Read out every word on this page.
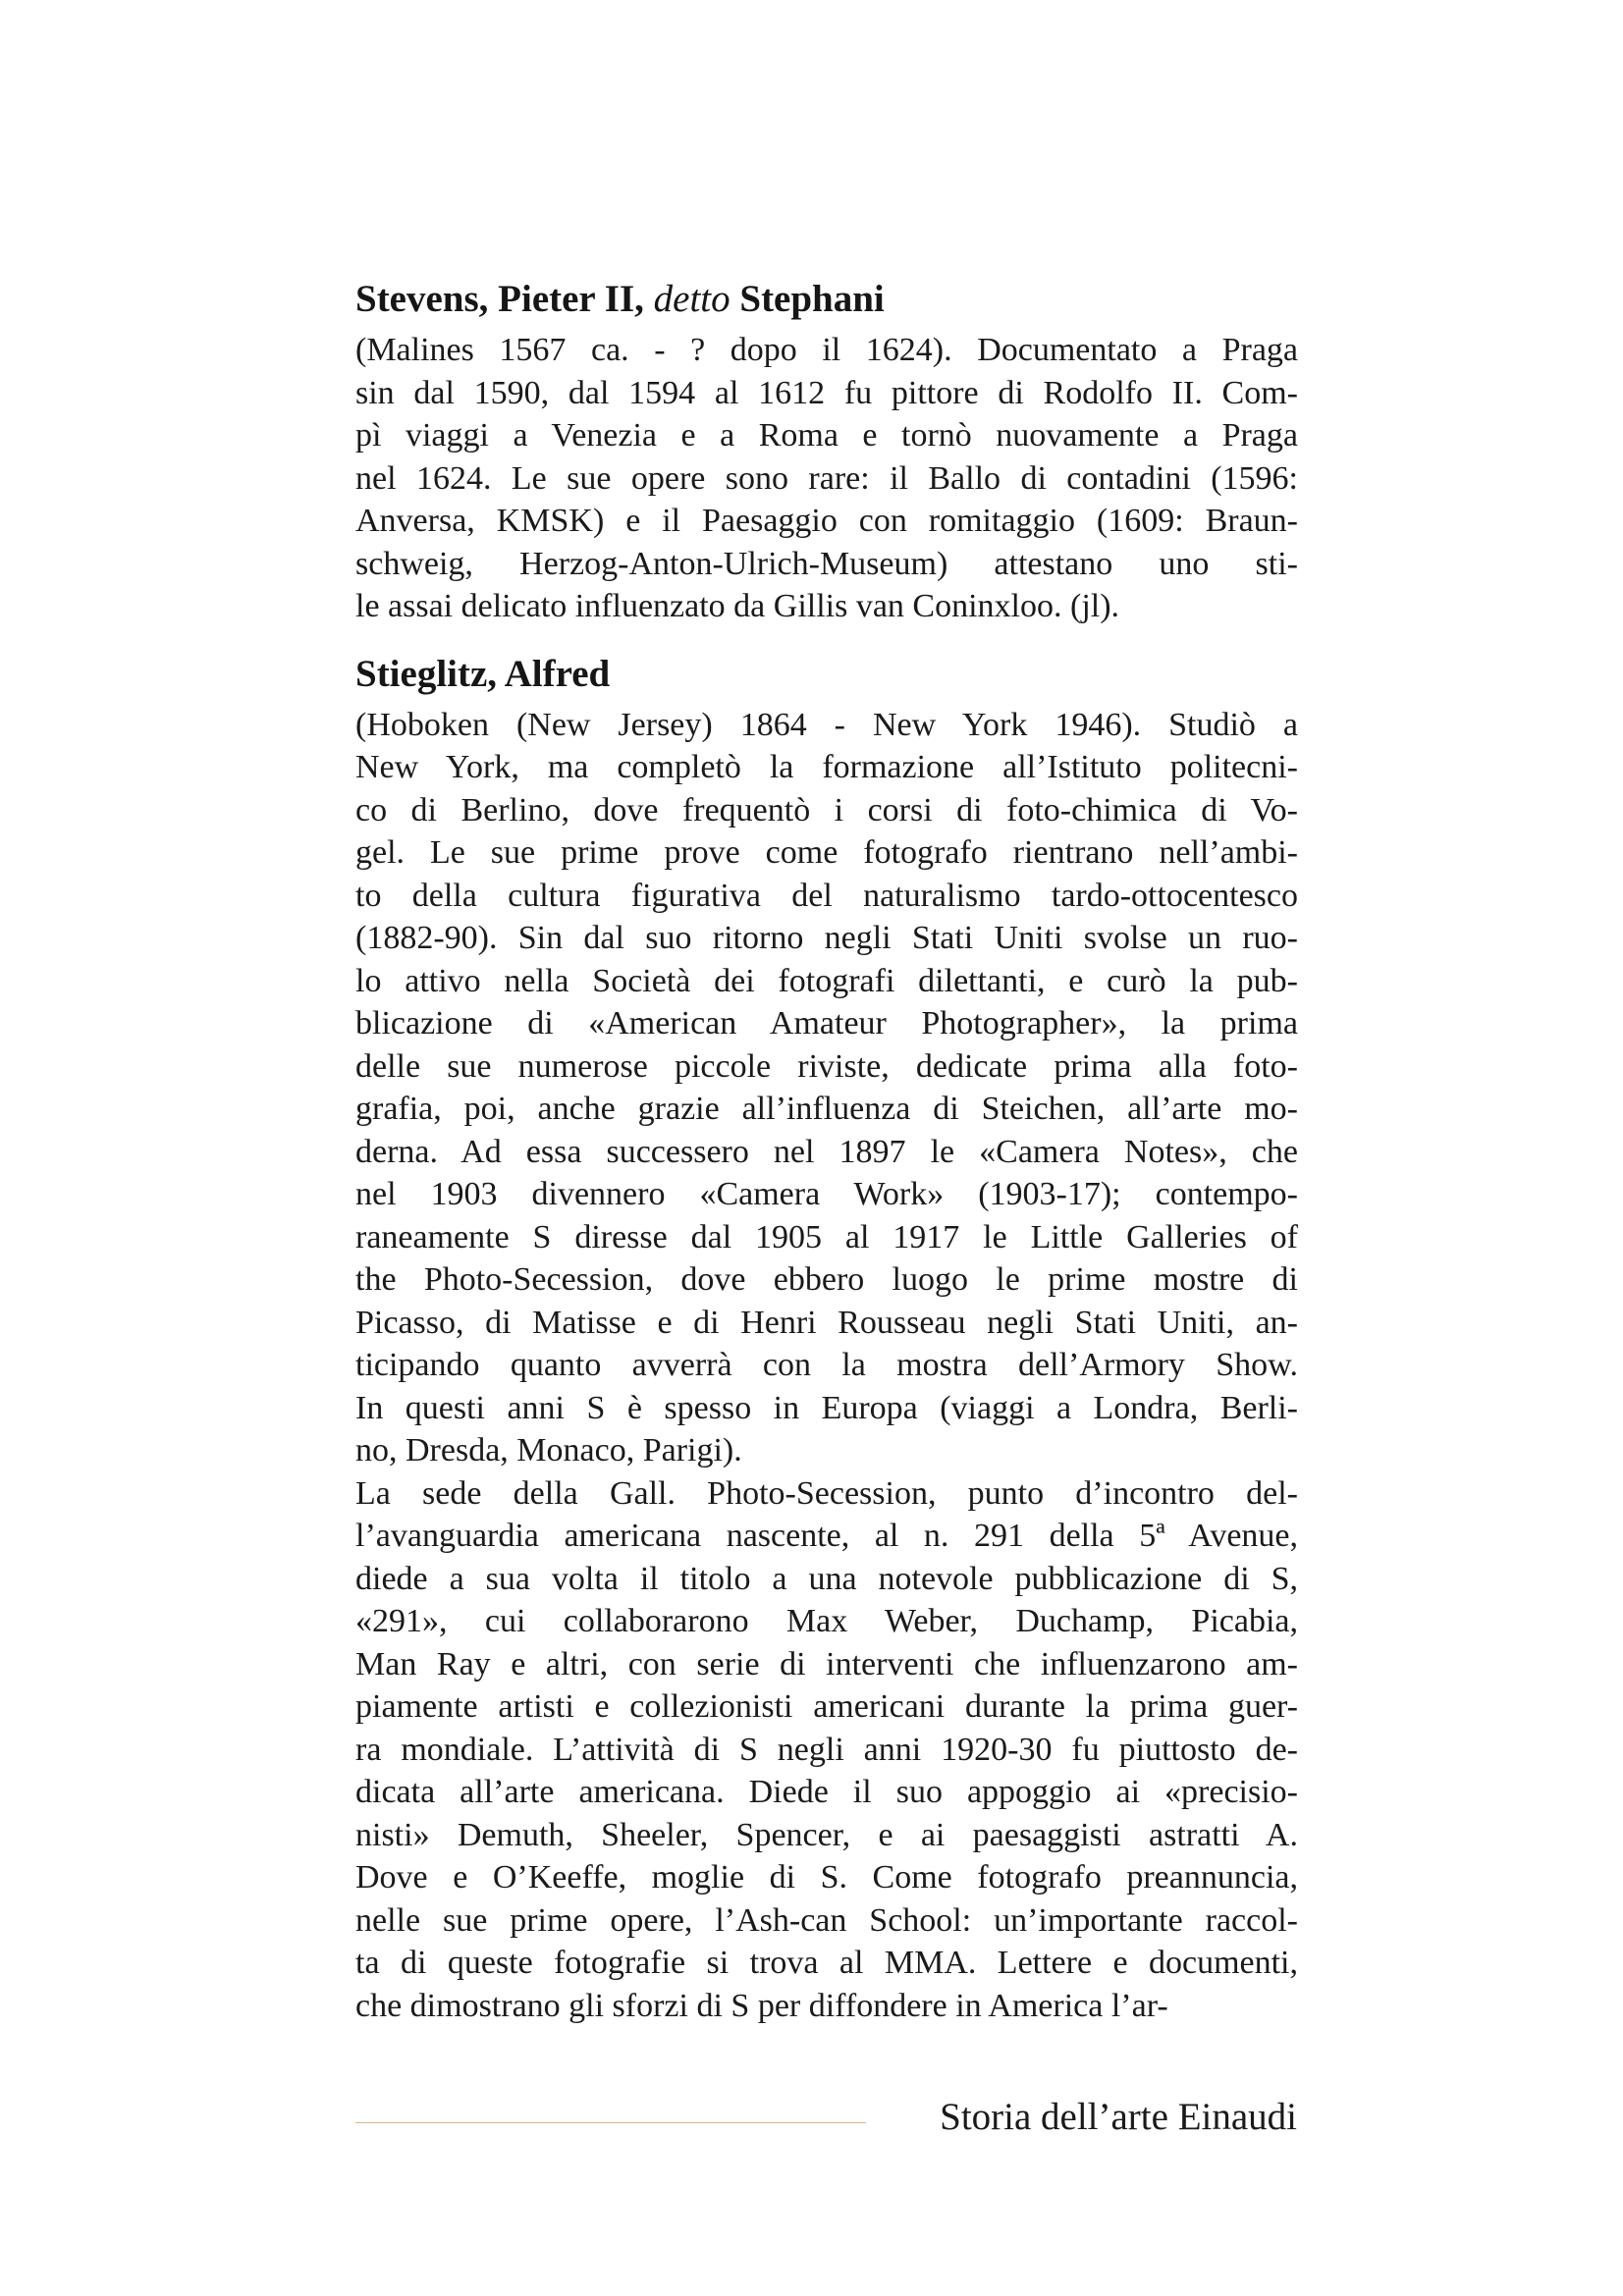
Stevens, Pieter II, detto Stephani
(Malines 1567 ca. - ? dopo il 1624). Documentato a Praga
sin dal 1590, dal 1594 al 1612 fu pittore di Rodolfo II. Com-
pì viaggi a Venezia e a Roma e tornò nuovamente a Praga
nel 1624. Le sue opere sono rare: il Ballo di contadini (1596:
Anversa, KMSK) e il Paesaggio con romitaggio (1609: Braun-
schweig, Herzog-Anton-Ulrich-Museum) attestano uno sti-
le assai delicato influenzato da Gillis van Coninxloo. (jl).
Stieglitz, Alfred
(Hoboken (New Jersey) 1864 - New York 1946). Studiò a
New York, ma completò la formazione all’Istituto politecni-
co di Berlino, dove frequentò i corsi di foto-chimica di Vo-
gel. Le sue prime prove come fotografo rientrano nell’ambi-
to della cultura figurativa del naturalismo tardo-ottocentesco
(1882-90). Sin dal suo ritorno negli Stati Uniti svolse un ruo-
lo attivo nella Società dei fotografi dilettanti, e curò la pub-
blicazione di «American Amateur Photographer», la prima
delle sue numerose piccole riviste, dedicate prima alla foto-
grafia, poi, anche grazie all’influenza di Steichen, all’arte mo-
derna. Ad essa successero nel 1897 le «Camera Notes», che
nel 1903 divennero «Camera Work» (1903-17); contempo-
raneamente S diresse dal 1905 al 1917 le Little Galleries of
the Photo-Secession, dove ebbero luogo le prime mostre di
Picasso, di Matisse e di Henri Rousseau negli Stati Uniti, an-
ticipando quanto avverrà con la mostra dell’Armory Show.
In questi anni S è spesso in Europa (viaggi a Londra, Berli-
no, Dresda, Monaco, Parigi).
La sede della Gall. Photo-Secession, punto d’incontro del-
l’avanguardia americana nascente, al n. 291 della 5ª Avenue,
diede a sua volta il titolo a una notevole pubblicazione di S,
«291», cui collaborarono Max Weber, Duchamp, Picabia,
Man Ray e altri, con serie di interventi che influenzarono am-
piamente artisti e collezionisti americani durante la prima guer-
ra mondiale. L’attività di S negli anni 1920-30 fu piuttosto de-
dicata all’arte americana. Diede il suo appoggio ai «precisio-
nisti» Demuth, Sheeler, Spencer, e ai paesaggisti astratti A.
Dove e O’Keeffe, moglie di S. Come fotografo preannuncia,
nelle sue prime opere, l’Ash-can School: un’importante raccol-
ta di queste fotografie si trova al MMA. Lettere e documenti,
che dimostrano gli sforzi di S per diffondere in America l’ar-
Storia dell’arte Einaudi
